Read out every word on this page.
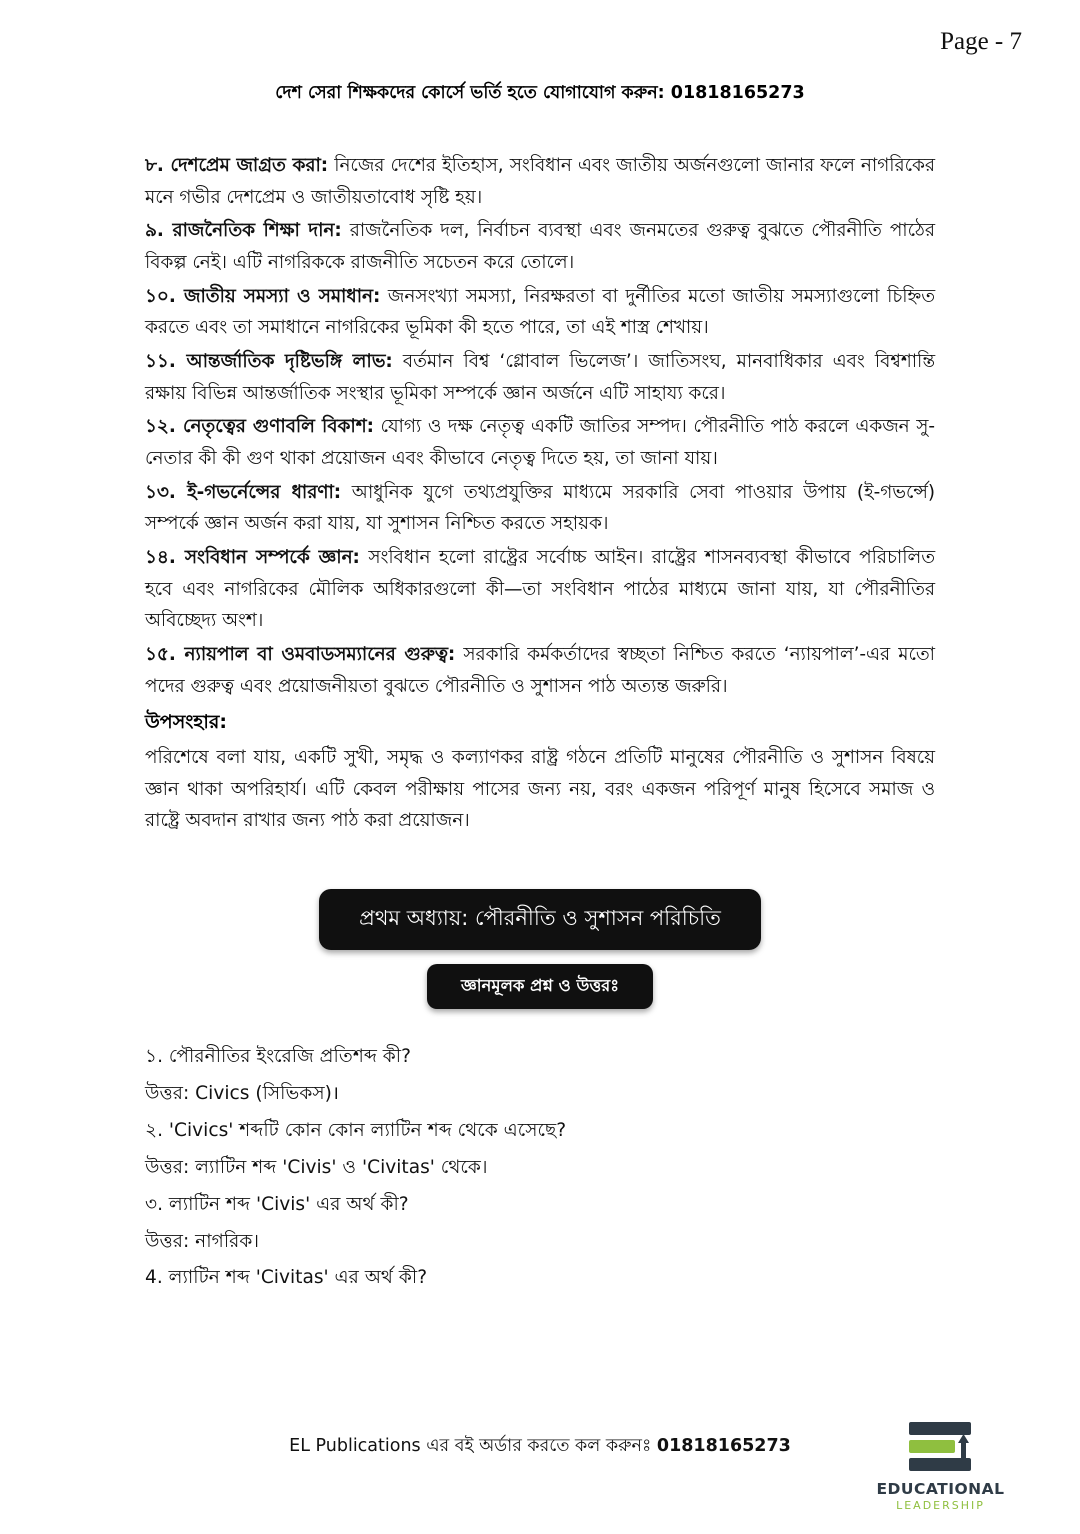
Page - 7
দেশ সেরা শিক্ষকদের কোর্সে ভর্তি হতে যোগাযোগ করুন: 01818165273

৮. দেশপ্রেম জাগ্রত করা: নিজের দেশের ইতিহাস, সংবিধান এবং জাতীয় অর্জনগুলো জানার ফলে নাগরিকের মনে গভীর দেশপ্রেম ও জাতীয়তাবোধ সৃষ্টি হয়।

৯. রাজনৈতিক শিক্ষা দান: রাজনৈতিক দল, নির্বাচন ব্যবস্থা এবং জনমতের গুরুত্ব বুঝতে পৌরনীতি পাঠের বিকল্প নেই। এটি নাগরিককে রাজনীতি সচেতন করে তোলে।

১০. জাতীয় সমস্যা ও সমাধান: জনসংখ্যা সমস্যা, নিরক্ষরতা বা দুর্নীতির মতো জাতীয় সমস্যাগুলো চিহ্নিত করতে এবং তা সমাধানে নাগরিকের ভূমিকা কী হতে পারে, তা এই শাস্ত্র শেখায়।

১১. আন্তর্জাতিক দৃষ্টিভঙ্গি লাভ: বর্তমান বিশ্ব ‘গ্লোবাল ভিলেজ’। জাতিসংঘ, মানবাধিকার এবং বিশ্বশান্তি রক্ষায় বিভিন্ন আন্তর্জাতিক সংস্থার ভূমিকা সম্পর্কে জ্ঞান অর্জনে এটি সাহায্য করে।

১২. নেতৃত্বের গুণাবলি বিকাশ: যোগ্য ও দক্ষ নেতৃত্ব একটি জাতির সম্পদ। পৌরনীতি পাঠ করলে একজন সু-নেতার কী কী গুণ থাকা প্রয়োজন এবং কীভাবে নেতৃত্ব দিতে হয়, তা জানা যায়।

১৩. ই-গভর্নেন্সের ধারণা: আধুনিক যুগে তথ্যপ্রযুক্তির মাধ্যমে সরকারি সেবা পাওয়ার উপায় (ই-গভর্ন্সে) সম্পর্কে জ্ঞান অর্জন করা যায়, যা সুশাসন নিশ্চিত করতে সহায়ক।

১৪. সংবিধান সম্পর্কে জ্ঞান: সংবিধান হলো রাষ্ট্রের সর্বোচ্চ আইন। রাষ্ট্রের শাসনব্যবস্থা কীভাবে পরিচালিত হবে এবং নাগরিকের মৌলিক অধিকারগুলো কী—তা সংবিধান পাঠের মাধ্যমে জানা যায়, যা পৌরনীতির অবিচ্ছেদ্য অংশ।

১৫. ন্যায়পাল বা ওমবাডসম্যানের গুরুত্ব: সরকারি কর্মকর্তাদের স্বচ্ছতা নিশ্চিত করতে ‘ন্যায়পাল’-এর মতো পদের গুরুত্ব এবং প্রয়োজনীয়তা বুঝতে পৌরনীতি ও সুশাসন পাঠ অত্যন্ত জরুরি।

উপসংহার:

পরিশেষে বলা যায়, একটি সুখী, সমৃদ্ধ ও কল্যাণকর রাষ্ট্র গঠনে প্রতিটি মানুষের পৌরনীতি ও সুশাসন বিষয়ে জ্ঞান থাকা অপরিহার্য। এটি কেবল পরীক্ষায় পাসের জন্য নয়, বরং একজন পরিপূর্ণ মানুষ হিসেবে সমাজ ও রাষ্ট্রে অবদান রাখার জন্য পাঠ করা প্রয়োজন।

প্রথম অধ্যায়: পৌরনীতি ও সুশাসন পরিচিতি
জ্ঞানমূলক প্রশ্ন ও উত্তরঃ

১. পৌরনীতির ইংরেজি প্রতিশব্দ কী?

উত্তর: Civics (সিভিকস)।

২. 'Civics' শব্দটি কোন কোন ল্যাটিন শব্দ থেকে এসেছে?

উত্তর: ল্যাটিন শব্দ 'Civis' ও 'Civitas' থেকে।

৩. ল্যাটিন শব্দ 'Civis' এর অর্থ কী?

উত্তর: নাগরিক।

4. ল্যাটিন শব্দ 'Civitas' এর অর্থ কী?

EL Publications এর বই অর্ডার করতে কল করুনঃ 01818165273
EDUCATIONAL
LEADERSHIP
